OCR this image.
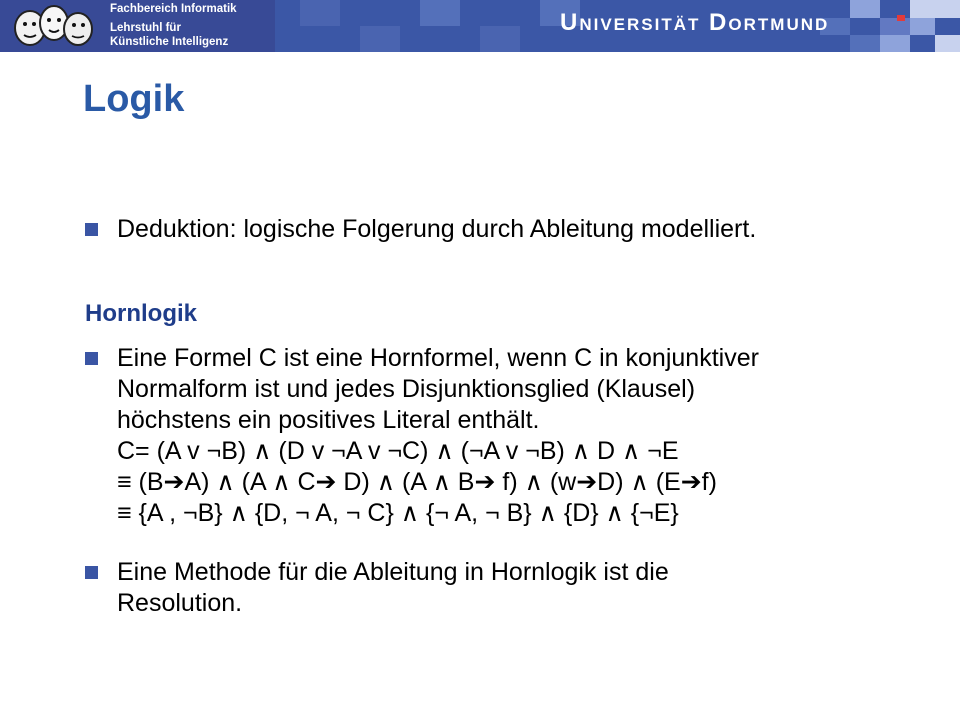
Fachbereich Informatik
Lehrstuhl für
Künstliche Intelligenz
Universität Dortmund
Logik
Deduktion: logische Folgerung durch Ableitung modelliert.
Hornlogik
Eine Formel C ist eine Hornformel, wenn C in konjunktiver
Normalform ist und jedes Disjunktionsglied (Klausel)
höchstens ein positives Literal enthält.
C= (A v ¬B) ∧ (D v ¬A v ¬C) ∧ (¬A v ¬B) ∧ D ∧ ¬E
≡ (B➔A) ∧ (A ∧ C➔ D) ∧ (A ∧ B➔ f) ∧ (w➔D) ∧ (E➔f)
≡ {A , ¬B} ∧ {D, ¬ A, ¬ C} ∧ {¬ A, ¬ B} ∧ {D} ∧ {¬E}
Eine Methode für die Ableitung in Hornlogik ist die
Resolution.
